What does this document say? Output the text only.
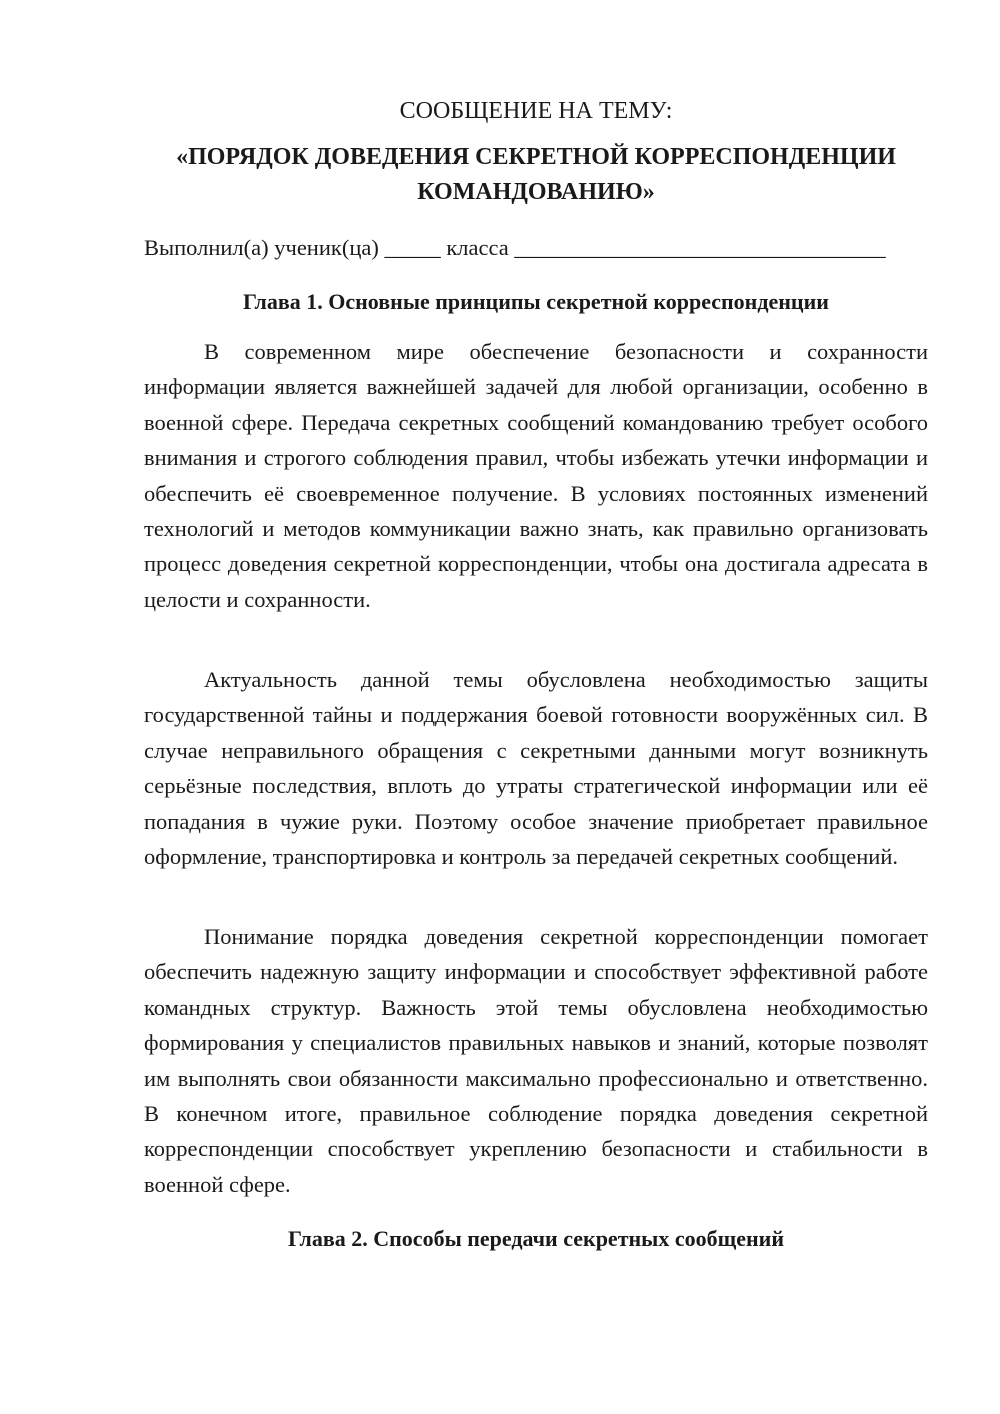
СООБЩЕНИЕ НА ТЕМУ:
«ПОРЯДОК ДОВЕДЕНИЯ СЕКРЕТНОЙ КОРРЕСПОНДЕНЦИИ
КОМАНДОВАНИЮ»
Выполнил(а) ученик(ца) _____ класса _________________________________
Глава 1. Основные принципы секретной корреспонденции

В современном мире обеспечение безопасности и сохранности информации является важнейшей задачей для любой организации, особенно в военной сфере. Передача секретных сообщений командованию требует особого внимания и строгого соблюдения правил, чтобы избежать утечки информации и обеспечить её своевременное получение. В условиях постоянных изменений технологий и методов коммуникации важно знать, как правильно организовать процесс доведения секретной корреспонденции, чтобы она достигала адресата в целости и сохранности.

Актуальность данной темы обусловлена необходимостью защиты государственной тайны и поддержания боевой готовности вооружённых сил. В случае неправильного обращения с секретными данными могут возникнуть серьёзные последствия, вплоть до утраты стратегической информации или её попадания в чужие руки. Поэтому особое значение приобретает правильное оформление, транспортировка и контроль за передачей секретных сообщений.

Понимание порядка доведения секретной корреспонденции помогает обеспечить надежную защиту информации и способствует эффективной работе командных структур. Важность этой темы обусловлена необходимостью формирования у специалистов правильных навыков и знаний, которые позволят им выполнять свои обязанности максимально профессионально и ответственно. В конечном итоге, правильное соблюдение порядка доведения секретной корреспонденции способствует укреплению безопасности и стабильности в военной сфере.

Глава 2. Способы передачи секретных сообщений
